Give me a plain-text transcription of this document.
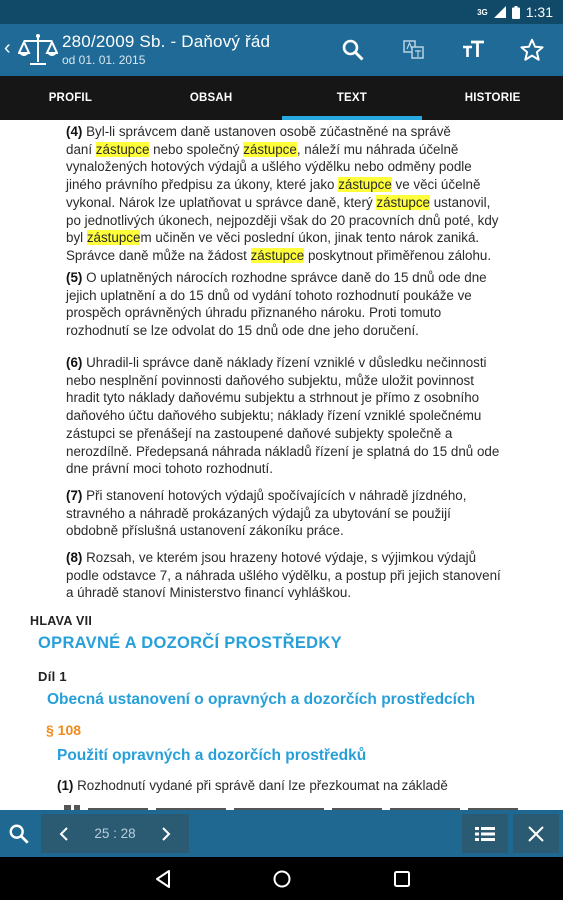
3G	1:31
‹	280/2009 Sb. - Daňový řád
od 01. 01. 2015
PROFIL	OBSAH	TEXT	HISTORIE
(4) Byl-li správcem daně ustanoven osobě zúčastněné na správě
daní zástupce nebo společný zástupce, náleží mu náhrada účelně
vynaložených hotových výdajů a ušlého výdělku nebo odměny podle
jiného právního předpisu za úkony, které jako zástupce ve věci účelně
vykonal. Nárok lze uplatňovat u správce daně, který zástupce ustanovil,
po jednotlivých úkonech, nejpozději však do 20 pracovních dnů poté, kdy
byl zástupcem učiněn ve věci poslední úkon, jinak tento nárok zaniká.
Správce daně může na žádost zástupce poskytnout přiměřenou zálohu.
(5) O uplatněných nárocích rozhodne správce daně do 15 dnů ode dne
jejich uplatnění a do 15 dnů od vydání tohoto rozhodnutí poukáže ve
prospěch oprávněných úhradu přiznaného nároku. Proti tomuto
rozhodnutí se lze odvolat do 15 dnů ode dne jeho doručení.
(6) Uhradil-li správce daně náklady řízení vzniklé v důsledku nečinnosti
nebo nesplnění povinnosti daňového subjektu, může uložit povinnost
hradit tyto náklady daňovému subjektu a strhnout je přímo z osobního
daňového účtu daňového subjektu; náklady řízení vzniklé společnému
zástupci se přenášejí na zastoupené daňové subjekty společně a
nerozdílně. Předepsaná náhrada nákladů řízení je splatná do 15 dnů ode
dne právní moci tohoto rozhodnutí.
(7) Při stanovení hotových výdajů spočívajících v náhradě jízdného,
stravného a náhradě prokázaných výdajů za ubytování se použijí
obdobně příslušná ustanovení zákoníku práce.
(8) Rozsah, ve kterém jsou hrazeny hotové výdaje, s výjimkou výdajů
podle odstavce 7, a náhrada ušlého výdělku, a postup při jejich stanovení
a úhradě stanoví Ministerstvo financí vyhláškou.
HLAVA VII
OPRAVNÉ A DOZORČÍ PROSTŘEDKY
Díl 1
Obecná ustanovení o opravných a dozorčích prostředcích
§ 108
Použití opravných a dozorčích prostředků
(1) Rozhodnutí vydané při správě daní lze přezkoumat na základě
25 : 28
